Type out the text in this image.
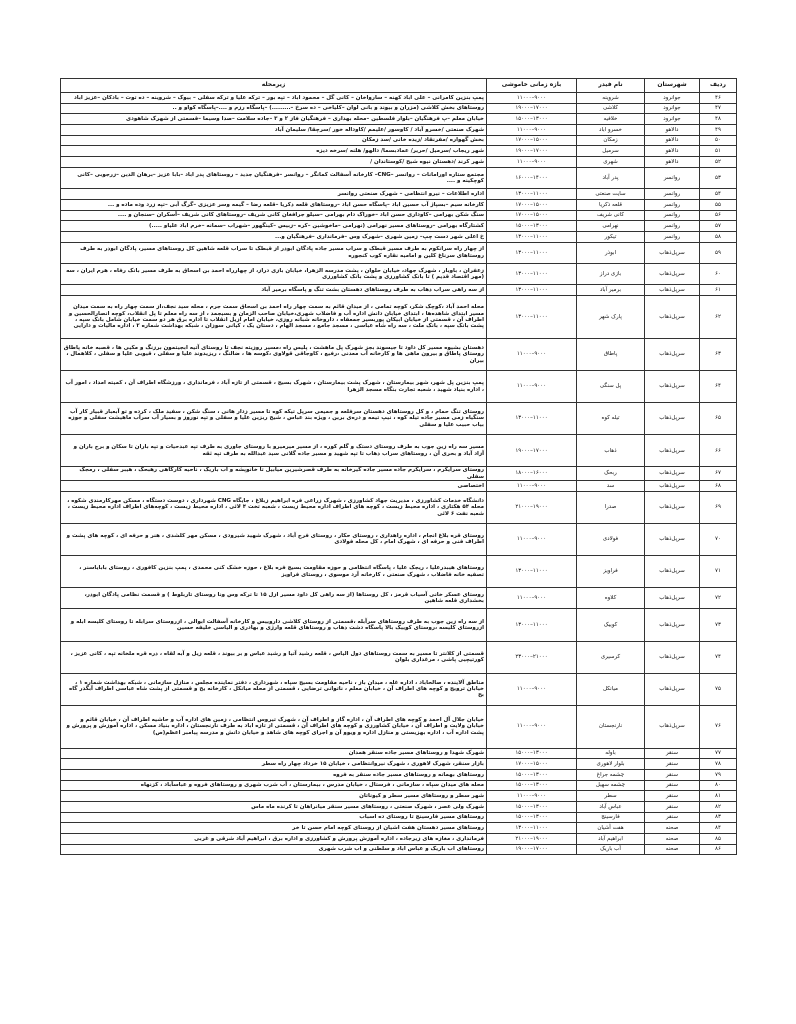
ردیف	شهرستان	نام فیدر	بازه زمانی خاموشی	زیرمحله
۴۶	جوانرود	شروینه	۹۰۰۰–۱۱۰۰۰	پمپ بنزین کامرانی – علی اباد کهنه – سارواخان – کانی گل – محمود اباد – تپه بور – ترکه علیا و ترکه سفلی – بیوک – شروینه – ده توت – بادکان –عزیز اباد
۴۷	جوانرود	کلاشی	۱۷۰۰۰–۱۹۰۰۰	روستاهای بخش کلاشی (مزران و بیوند و بانی لوان –کلیاخی – ده سرخ –.........) –پاسگاه رزم و ....–پاسگاه کواو و ..
۴۸	جوانرود	خلافیه	۱۳۰۰۰–۱۵۰۰۰	خیابان معلم –پ فرهنگیان –بلوار فلسطین –محله بهداری – فرهنگیان فاز ۲ و ۳ –جاده سلامت –صدا وسیما –قسمتی از شهرک شاهودی
۴۹	دالاهو	خسرو اباد	۹۰۰۰–۱۱۰۰۰	شهرک صنعتی /خسرو آباد / کاوسور /علیمم /کاوداله خور /سرچقا/ سلیمان آباد
۵۰	دالاهو	زمکان	۱۵۰۰۰–۱۷۰۰۰	بخش گهواره /مفرنقاد /زیده خانی /سد زمکان
۵۱	دالاهو	سرمیل	۱۷۰۰۰–۱۹۰۰۰	شهر ریجاب /سرمیل /حریر/ عمادبسما/ دالهو/ هلنه /سرخه دیزه
۵۲	دالاهو	شهری	۹۰۰۰–۱۱۰۰۰	شهر کرند /دهستان نیوه شیخ /کوستاندان /
۵۳	روانسر	پدر آباد	۱۴۰۰۰–۱۶۰۰۰	مجتمع ستاره اورامانات – روانسر –CNG– کارخانه آسفالت کمانگر – روانسر –فرهنگیان جدید – روستاهای پدر اباد –بابا عزیز –برهان الدین –زرجوبی –کانی کوچکینه و ....
۵۴	روانسر	سایت صنعتی	۱۱۰۰۰–۱۳۰۰۰	اداره اطلاعات – نیرو انتظامی – شهرک صنعتی روانسر
۵۵	روانسر	قلعه ذکریا	۱۵۰۰۰–۱۷۰۰۰	کارخانه سیم –بسپاژ آب حسین اباد –پاسگاه حسن اباد –روستاهای قلعه ذکریا –قلعه رضا – گیمه وسر عزیزی –گرگ آبی –تپه زرد وده ماده و ...
۵۶	روانسر	کانی شریف	۱۵۰۰۰–۱۷۰۰۰	سنگ شکن بهرامی –کاوداری حسن اباد –خوراک دام بهرامی –سیلو جرافغان کانی شریف –روستاهای کانی شریف –آسکران –سنجان و ....
۵۷	روانسر	نهرامی	۱۳۰۰۰–۱۵۰۰۰	کشتارگاه بهرامی –روستاهای مسیر نهرامی (نهرامی –ماخوشین –کره –زبیس –کینگهور –شهراب –سمانه –خرم اباد علیاو .....)
۵۸	روانسر	تیکور	۱۱۰۰۰–۱۳۰۰۰	خ اعلی شهر دست چپ– زمین شهری –شهرک وس –فرمانداری –فرهنگیان و...
۵۹	سرپل‌ذهاب	ابوذر	۱۱۰۰۰–۱۳۰۰۰	از چهار راه سرانکوم به طرف مسیر قبطک و سراب مسیر جاده پادگان ابوذر از قبطک تا سراب قلعه شاهین کل روستاهای مسیر، پادگان ابوذر به طرف روستاهای سرناغ کلین و امامیه نقاره کوب کنجوره
۶۰	سرپل‌ذهاب	بازی دراز	۱۱۰۰۰–۱۳۰۰۰	زعفران ، باوبار ، شهرک جهاد، خیابان حلوان ، پشت مدرسه الزهرا، خیابان بازی دراز، از چهارراه احمد بن اسحاق به طرف مسیر بانک رفاه ، هرم ایران ، سه (مهر اقتصاد قدیم ) تا بانک کشاورزی و پشت بانک کشاورزی
۶۱	سرپل‌ذهاب	برمیر آباد	۱۱۰۰۰–۱۳۰۰۰	از سه راهی سراب ذهاب به طرف روستاهای دهستان بشت تنگ و پاسگاه برمیر آباد
۶۲	سرپل‌ذهاب	پارک شهر	۱۱۰۰۰–۱۳۰۰۰	محله احمد آباد ،کوچک شکر، کوچه تمامی ، از میدان قائم به سمت چهار راه احمد بن اسحاق سمت جرم ، محله سید نجف،از سمت چهار راه به سمت میدان مسیر ابتدای شاهده‌ها ، ابتدای خیابان دانش اداره آب و فاضلاب شهری،خیابان صاحب الزمان و بسیجمد ، از سه راه معلم تا پل انقلاب، کوچه انصارالحسین و اطراف آن ، قسمتی از خیابان ابیکان پوربسیر جمعفاه ، داروخانه شبانه روزی، خیابان امام ازیل انقلاب تا اداره برق هر دو سمت خیابان شامل بانک سپه ، پشت بانک سپه ، بانک ملت ، سه راه شاه عباسی ، مسجد جامع ، مسجد الهام ، دستان یک ، کیانی سوزان ، شبکه بهداشت شماره ۲ ، اداره مالیات و دارایی
۶۳	سرپل‌ذهاب	پاطاق	۹۰۰۰–۱۱۰۰۰	دهستان بشیوه مسیر کل داود تا جیسوند بجز شهرک پل ماهشت ، پلیس راه ،مسیر روزیته نجف تا روستای آتیه ابجیتمون برزنگ و مکیی ها ، قصبه خانه پاطاق روستای پاطاق و بیرون ماهی ها و کارخانه آب معدنی ،رفیع ، کاوجاقی قولاوی ،کوسه ها ، ضالنگ ، ریزیدوند علیا و سفلی ، قیوبی علیا و سفلی ، کلاهمال ، بیران
۶۴	سرپل‌ذهاب	پل سنگی	۹۰۰۰–۱۱۰۰۰	پمپ بنزین پل شهر، شهر بیمارستان ، شهرک پشت بیمارستان ، شهرک بسیج ، قسمتی از تازه آباد ، فرمانداری ، ورزشگاه اطراف آن ، کمیته امداد ، امور آب ، اداره بنیاد شهید ، شعبه تجارت بنگاه مسجد الزهرا
۶۵	سرپل‌ذهاب	تیله کوه	۱۱۰۰۰–۱۳۰۰۰	روستای تنگ حمام ، و کل روستاهای دهستان سرفلعه و جمیعی سرپل تیکه کوه تا مسیر زدار هانی ، سنگ شکن ، سفید ملک ، کرده و تو آبعبار قبیار کار آب سنگیاه زمی مسیر جاده تیله کوه ، نیپ تیمه و دره‌ی برین ، ویژه بند عباس ، شیخ ربزین علیا و سفلی و تپه نوروز و بسیار آب سرآب ماهیشت سفلی و جوزه بیاب حبیب علیا و سفلی
۶۶	سرپل‌ذهاب	ذهاب	۱۷۰۰۰–۱۹۰۰۰	مسیر سه راه زین جوب به طرف روستای دستک و گلم کوره ، از مسیر میرمیرو با روستای جاوری به طرف تپه عبدحیات و تپه باران تا سکان و برج باران و آزاد آباد و بحری آن ، روستاهای سراب ذهاب تا تپه شهید و مسیر جاده گلانی سید عبدالله به طرف تپه ثقه
۶۷	سرپل‌ذهاب	ربحک	۱۶۰۰۰–۱۸۰۰۰	روستای سرایکرم ، سرایکرم جاده مسیر جاده گیرخانه به طرف قصرشیرین میابیل تا خانوپشه و اب باریک ، ناحیه کارگاهی رهبحک ، هیبر سفلی ، رمجک سفلی
۶۸	سرپل‌ذهاب	سد	۹۰۰۰–۱۱۰۰۰	اختصاصی
۶۹	سرپل‌ذهاب	صدرا	۱۹۰۰۰–۲۱۰۰۰	دانشگاه خدمات کشاورزی ، مدیریت جهاد کشاورزی ، شهرک زراعی فره ابراهیم زبلاغ ، جایگاه CNG شهرداری ، دوست دستگاه ، مسکن مهرکارمندی شکوه ، محله ۵۴ هکتاری ، اداره محیط زیست ، کوچه های اطراف اداره محیط زیست ، شعبه تخت ۴ لائی ، اداره محیط زیست ، کوچه‌های اطراف اداره محیط زیست ، شعبه نفت ۶ لائی
۷۰	سرپل‌ذهاب	فولادی	۹۰۰۰–۱۱۰۰۰	روستای قره بلاغ انجام ، اداره راهداری ، روستای حکار ، روستای فرج آباد ، شهرک شهید شیرودی ، مسکن مهر کلشدی ، هنر و حرفه ای ، کوچه های پشت و اطراف فنی و حرفه ای ، شهرک امام ، کل محله فولادی
۷۱	سرپل‌ذهاب	فراویز	۱۱۰۰۰–۱۳۰۰۰	روستاهای هیبدرعلیا ، ریجک علیا ، پاسگاه انتظامی و حوزه مقاومت بسیج فره بلاغ ، حوزه خشک کنی محمدی ، پمپ بنزین کافوری ، روستای بابایاسنر ، تصفیه خانه فاضلاب ، شهرک صنعتی ، کارخانه آرد موسوی ، روستای فراویز
۷۲	سرپل‌ذهاب	کلاوه	۹۰۰۰–۱۱۰۰۰	روستای عسکر خانی آسیاب قرمز ، کل روستاها (از سه راهی کل داود مسیر ازل ۱۵ تا ترکه وس ونا روستای تاربلوط ) و قسمت نظامی پادگان ابوذر، بخشداری قلعه شاهین
۷۳	سرپل‌ذهاب	کوییک	۱۱۰۰۰–۱۳۰۰۰	از سه راه زین جوب به طرف روستاهای سرآبله ،قسمتی از روستای کلاشی داروییس و کارخانه آسفالت ابوالی ، ازروستای سرابله تا روستای کلیسه ابله و ازروستای کلیسه ،روستای کوییک بالا پاسگاه دشت ذهاب و روستاهای قلعه وارژی و بهادری و الیاسی خلیفه حسین
۷۴	سرپل‌ذهاب	کرسیری	۲۱۰۰۰–۲۳۰۰۰	قسمتی از کلانتر تا مسیر به سمت روستاهای دول الیاس ، قلعه رشید آتیا و رشید عباس و بر بیوند ، قلعه زیل و آبه لقاه ، ذره قره ملخانه تپه ، کانی عزیز ، کورتیچیی پاشی ، مرغداری بلوان
۷۵	سرپل‌ذهاب	میانکل	۹۰۰۰–۱۱۰۰۰	مناطق آلاینده ، صالحاباد ، اداره غله ، میدان باز ، ناحیه مقاومت بسیج سپاه ، شهرداری ، دفتر نماینده مجلس ، منازل سازمانی ، شبکه بهداشت شماره ۱ ، خیابان ترویج و کوچه های اطراف آن ، خیابان معلم ، ناتوانی ترضایی ، قسمتی از محله میانکل ، کارخانه یخ و قسمتی از پشت شاه عباسی اطراف آبگذر گاه بخ
۷۶	سرپل‌ذهاب	نارنجستان	۹۰۰۰–۱۱۰۰۰	خیابان جلال آل احمد و کوچه های اطراف آن ، اداره گاز و اطراف آن ، شهرک تیروس انتظامی ، زمین های اداره آب و حاشیه اطراف آن ، خیابان قائم و خیابان ولایت و اطراف آن ، خیابان کشاورزی و کوچه های اطراف آن ، قسمتی از تازه اباد به طرف نارنجستان ، اداره بنیاد مسکن ، اداره آموزش و پرورش و پشت اداره آب ، اداره بهزیستی و منازل اداره و ویوو آن و اجرای کوچه های شاهد و خیابان دانش و مدرسه پیامبر اعظم(ص)
۷۷	سنقر	باوله	۱۳۰۰۰–۱۵۰۰۰	شهرک شهدا و روستاهای مسیر جاده سنقر همدان
۷۸	سنقر	بلوار لاهوری	۱۵۰۰۰–۱۷۰۰۰	بازار سنقر، شهرک لاهوری ، شهرک نیروانتظامی ، خیابان ۱۵ خرداد چهار راه سطر
۷۹	سنقر	چشمه جراغ	۱۳۰۰۰–۱۵۰۰۰	روستاهای بهمانه و روستاهای مسیر جاده سنقر به فروه
۸۰	سنقر	چشمه سهیل	۱۳۰۰۰–۱۵۰۰۰	محله های میدان سپاه ، سازمانی ، فرستال ، خیابان مدرس ، بیمارستان ، آب شرب شهری و روستاهای فروه و عباسآباد ، کزنهاه
۸۱	سنقر	سطر	۹۰۰۰–۱۱۰۰۰	شهر سطر و روستاهای مسیر سطر و کیوناتان
۸۲	سنقر	عباس آباد	۱۳۰۰۰–۱۵۰۰۰	شهرک ولی عصر ، شهرک صنعتی ، روستاهای مسیر سنقر میانراهان تا کرنده ماه ماس
۸۳	سنقر	فارسینج	۱۳۰۰۰–۱۵۰۰۰	روستاهای مسیر فارسینج تا روستای ده اسباب
۸۴	صحنه	هفت آشیان	۱۱۰۰۰–۱۳۰۰۰	روستاهای مسیر دهستان هفت اشیان از روستای کوچه امام حسن تا خر
۸۵	صحنه	ابراهیم آباد	۱۹۰۰۰–۲۱۰۰۰	فرمانداری ، مغازه های زیرجاده ، اداره آموزش پرورش و کشاورزی و اداره برق ، ابراهیم آباد شرقی و غربی
۸۶	صحنه	آب باریک	۱۷۰۰۰–۱۹۰۰۰	روستاهای اب باریک و عباس اباد و سلطنی و اب شرب شهری
